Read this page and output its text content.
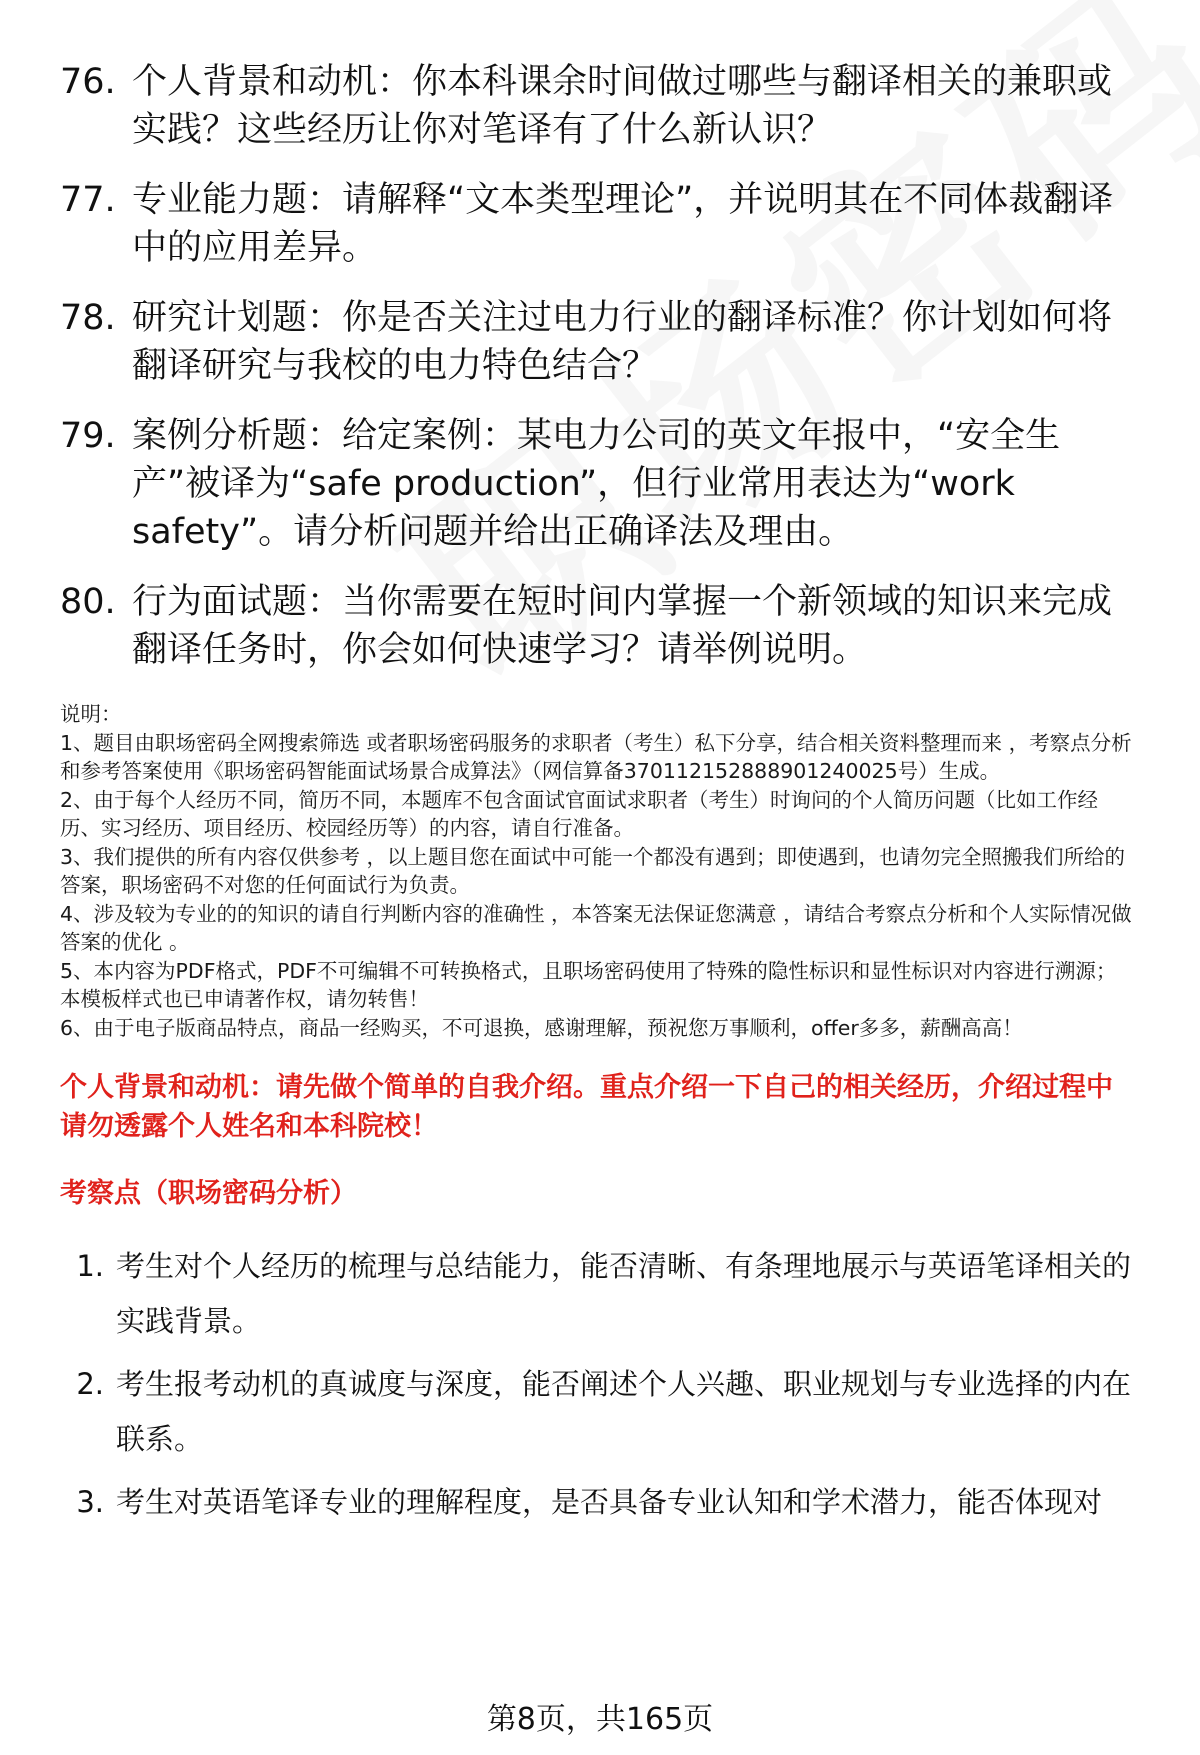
76. 个人背景和动机：你本科课余时间做过哪些与翻译相关的兼职或实践？这些经历让你对笔译有了什么新认识？
77. 专业能力题：请解释“文本类型理论”，并说明其在不同体裁翻译中的应用差异。
78. 研究计划题：你是否关注过电力行业的翻译标准？你计划如何将翻译研究与我校的电力特色结合？
79. 案例分析题：给定案例：某电力公司的英文年报中，“安全生产”被译为“safe production”，但行业常用表达为“work safety”。请分析问题并给出正确译法及理由。
80. 行为面试题：当你需要在短时间内掌握一个新领域的知识来完成翻译任务时，你会如何快速学习？请举例说明。

说明：

1、题目由职场密码全网搜索筛选 或者职场密码服务的求职者（考生）私下分享，结合相关资料整理而来 ，考察点分析和参考答案使用《职场密码智能面试场景合成算法》（网信算备370112152888901240025号）生成。

2、由于每个人经历不同，简历不同，本题库不包含面试官面试求职者（考生）时询问的个人简历问题（比如工作经历、实习经历、项目经历、校园经历等）的内容，请自行准备。

3、我们提供的所有内容仅供参考 ，以上题目您在面试中可能一个都没有遇到；即使遇到，也请勿完全照搬我们所给的答案，职场密码不对您的任何面试行为负责。

4、涉及较为专业的的知识的请自行判断内容的准确性 ，本答案无法保证您满意 ，请结合考察点分析和个人实际情况做答案的优化 。

5、本内容为PDF格式，PDF不可编辑不可转换格式，且职场密码使用了特殊的隐性标识和显性标识对内容进行溯源；本模板样式也已申请著作权，请勿转售！

6、由于电子版商品特点，商品一经购买，不可退换，感谢理解，预祝您万事顺利，offer多多，薪酬高高！

个人背景和动机：请先做个简单的自我介绍。重点介绍一下自己的相关经历，介绍过程中请勿透露个人姓名和本科院校！
考察点（职场密码分析）
1. 考生对个人经历的梳理与总结能力，能否清晰、有条理地展示与英语笔译相关的实践背景。
2. 考生报考动机的真诚度与深度，能否阐述个人兴趣、职业规划与专业选择的内在联系。
3. 考生对英语笔译专业的理解程度，是否具备专业认知和学术潜力，能否体现对
第8页，共165页
